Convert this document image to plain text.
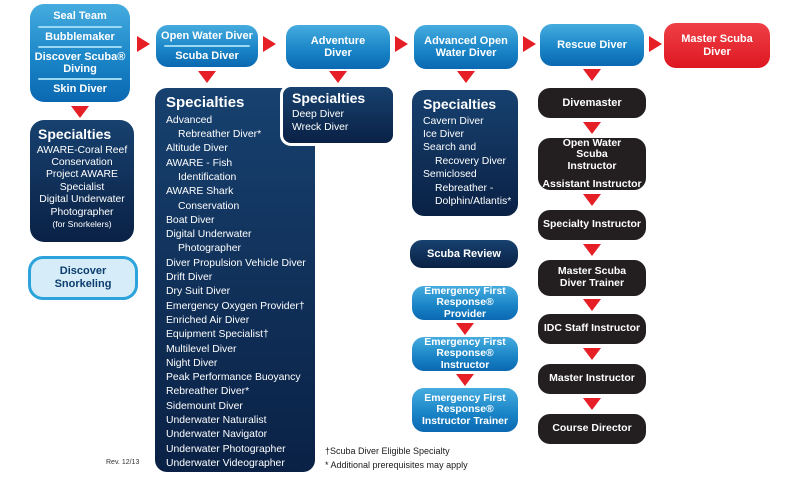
Seal Team
Bubblemaker
Discover Scuba® Diving
Skin Diver
Open Water Diver
Scuba Diver
Adventure Diver
Advanced Open Water Diver
Rescue Diver	Master Scuba Diver
Specialties
AWARE-Coral Reef
Conservation
Project AWARE
Specialist
Digital Underwater
Photographer
(for Snorkelers)
Discover Snorkeling
Specialties
Advanced
Rebreather Diver*
Altitude Diver
AWARE - Fish
Identification
AWARE Shark
Conservation
Boat Diver
Digital Underwater
Photographer
Diver Propulsion Vehicle Diver
Drift Diver
Dry Suit Diver
Emergency Oxygen Provider†
Enriched Air Diver
Equipment Specialist†
Multilevel Diver
Night Diver
Peak Performance Buoyancy
Rebreather Diver*
Sidemount Diver
Underwater Naturalist
Underwater Navigator
Underwater Photographer
Underwater Videographer
Specialties
Deep Diver
Wreck Diver
Specialties
Cavern Diver
Ice Diver
Search and
Recovery Diver
Semiclosed
Rebreather -
Dolphin/Atlantis*
Scuba Review
Emergency First Response® Provider
Emergency First Response® Instructor
Emergency First Response® Instructor Trainer
Divemaster
Open Water Scuba Instructor
Assistant Instructor
Specialty Instructor
Master Scuba Diver Trainer
IDC Staff Instructor
Master Instructor
Course Director
†Scuba Diver Eligible Specialty
* Additional prerequisites may apply
Rev. 12/13
